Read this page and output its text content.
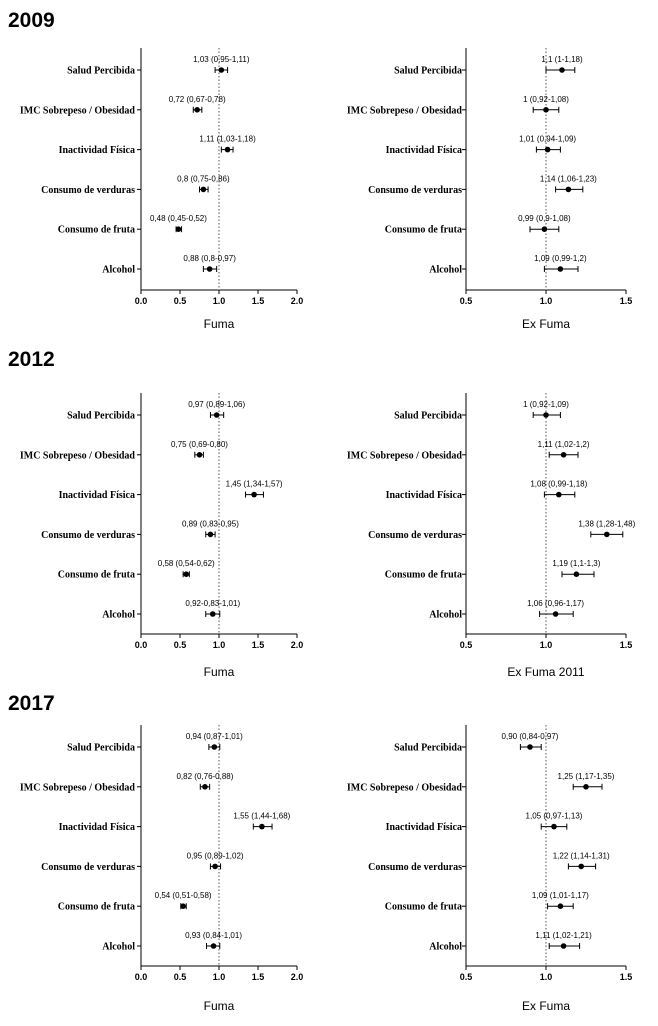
2009
2012
2017
0.0	0.5	1.0	1.5	2.0
Fuma
Salud Percibida
1,03 (0,95-1,11)
IMC Sobrepeso / Obesidad
0,72 (0,67-0,78)
Inactividad Física
1,11 (1,03-1,18)
Consumo de verduras
0,8 (0,75-0,86)
Consumo de fruta
0,48 (0,45-0,52)
Alcohol
0,88 (0,8-0,97)
0.5	1.0	1.5
Ex Fuma
Salud Percibida
1,1 (1-1,18)
IMC Sobrepeso / Obesidad
1 (0,92-1,08)
Inactividad Física
1,01 (0,94-1,09)
Consumo de verduras
1,14 (1,06-1,23)
Consumo de fruta
0,99 (0,9-1,08)
Alcohol
1,09 (0,99-1,2)
0.0	0.5	1.0	1.5	2.0
Fuma
Salud Percibida
0,97 (0,89-1,06)
IMC Sobrepeso / Obesidad
0,75 (0,69-0,80)
Inactividad Física
1,45 (1,34-1,57)
Consumo de verduras
0,89 (0,83-0,95)
Consumo de fruta
0,58 (0,54-0,62)
Alcohol
0,92-0,83-1,01)
0.5	1.0	1.5
Ex Fuma 2011
Salud Percibida
1 (0,92-1,09)
IMC Sobrepeso / Obesidad
1,11 (1,02-1,2)
Inactividad Física
1,08 (0,99-1,18)
Consumo de verduras
1,38 (1,28-1,48)
Consumo de fruta
1,19 (1,1-1,3)
Alcohol
1,06 (0,96-1,17)
0.0	0.5	1.0	1.5	2.0
Fuma
Salud Percibida
0,94 (0,87-1,01)
IMC Sobrepeso / Obesidad
0,82 (0,76-0,88)
Inactividad Física
1,55 (1,44-1,68)
Consumo de verduras
0,95 (0,89-1,02)
Consumo de fruta
0,54 (0,51-0,58)
Alcohol
0,93 (0,84-1,01)
0.5	1.0	1.5
Ex Fuma
Salud Percibida
0,90 (0,84-0,97)
IMC Sobrepeso / Obesidad
1,25 (1,17-1,35)
Inactividad Física
1,05 (0,97-1,13)
Consumo de verduras
1,22 (1,14-1,31)
Consumo de fruta
1,09 (1,01-1,17)
Alcohol
1,11 (1,02-1,21)
